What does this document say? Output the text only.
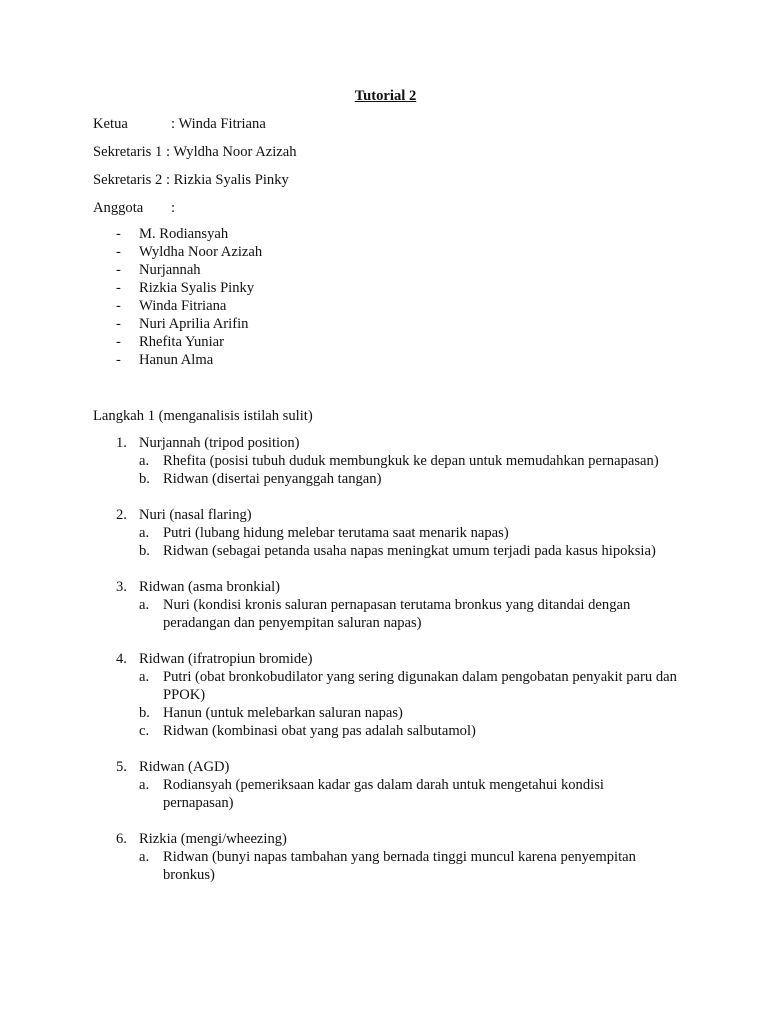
Tutorial 2
Ketua	: Winda Fitriana
Sekretaris 1 : Wyldha Noor Azizah
Sekretaris 2 : Rizkia Syalis Pinky
Anggota :
- M. Rodiansyah
- Wyldha Noor Azizah
- Nurjannah
- Rizkia Syalis Pinky
- Winda Fitriana
- Nuri Aprilia Arifin
- Rhefita Yuniar
- Hanun Alma
Langkah 1 (menganalisis istilah sulit)
1. Nurjannah (tripod position)
a. Rhefita (posisi tubuh duduk membungkuk ke depan untuk memudahkan pernapasan)
b. Ridwan (disertai penyanggah tangan)
2. Nuri (nasal flaring)
a. Putri (lubang hidung melebar terutama saat menarik napas)
b. Ridwan (sebagai petanda usaha napas meningkat umum terjadi pada kasus hipoksia)
3. Ridwan (asma bronkial)
a. Nuri (kondisi kronis saluran pernapasan terutama bronkus yang ditandai dengan peradangan dan penyempitan saluran napas)
4. Ridwan (ifratropiun bromide)
a. Putri (obat bronkobudilator yang sering digunakan dalam pengobatan penyakit paru dan PPOK)
b. Hanun (untuk melebarkan saluran napas)
c. Ridwan (kombinasi obat yang pas adalah salbutamol)
5. Ridwan (AGD)
a. Rodiansyah (pemeriksaan kadar gas dalam darah untuk mengetahui kondisi pernapasan)
6. Rizkia (mengi/wheezing)
a. Ridwan (bunyi napas tambahan yang bernada tinggi muncul karena penyempitan bronkus)
